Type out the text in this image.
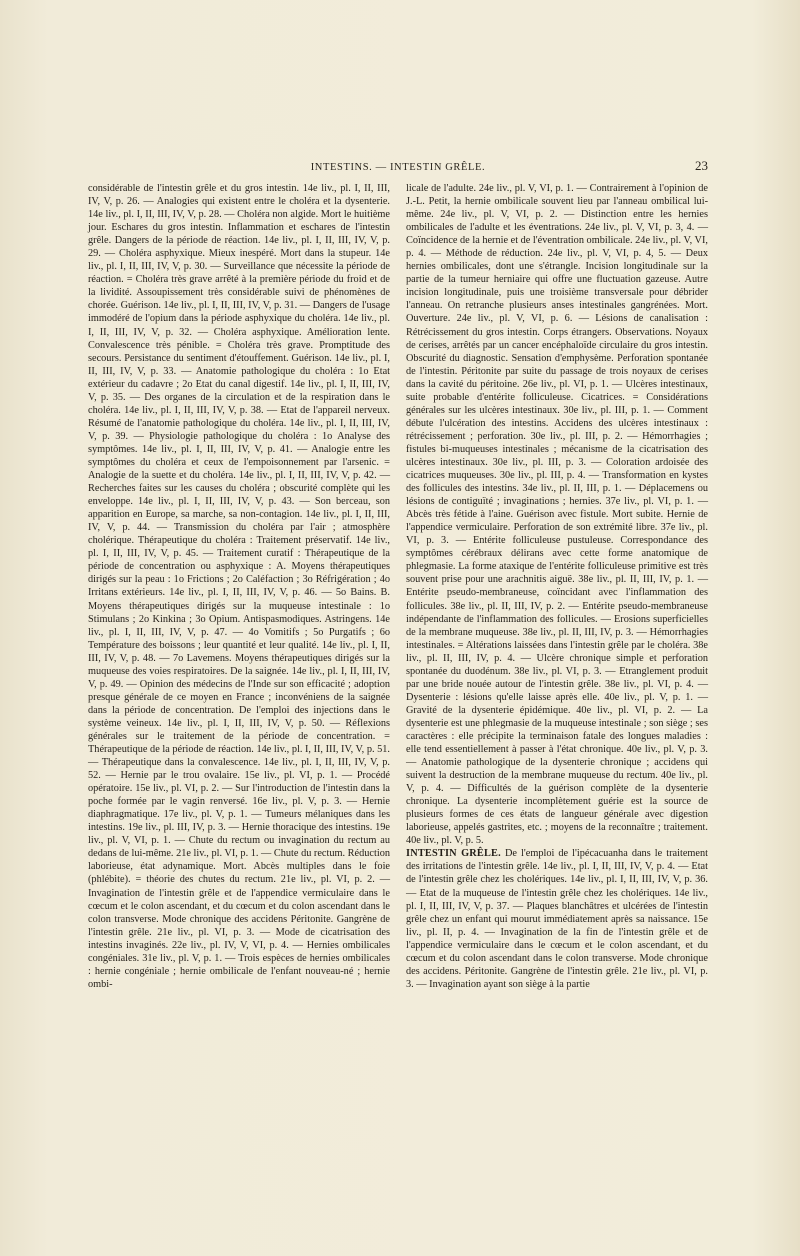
INTESTINS. — INTESTIN GRÊLE.	23

considérable de l'intestin grêle et du gros intestin. 14e liv., pl. I, II, III, IV, V, p. 26. — Analogies qui existent entre le choléra et la dysenterie. 14e liv., pl. I, II, III, IV, V, p. 28. — Choléra non algide. Mort le huitième jour. Eschares du gros intestin. Inflammation et eschares de l'intestin grêle. Dangers de la période de réaction. 14e liv., pl. I, II, III, IV, V, p. 29. — Choléra asphyxique. Mieux inespéré. Mort dans la stupeur. 14e liv., pl. I, II, III, IV, V, p. 30. — Surveillance que nécessite la période de réaction. = Choléra très grave arrêté à la première période du froid et de la lividité. Assoupissement très considérable suivi de phénomènes de chorée. Guérison. 14e liv., pl. I, II, III, IV, V, p. 31. — Dangers de l'usage immodéré de l'opium dans la période asphyxique du choléra. 14e liv., pl. I, II, III, IV, V, p. 32. — Choléra asphyxique. Amélioration lente. Convalescence très pénible. = Choléra très grave. Promptitude des secours. Persistance du sentiment d'étouffement. Guérison. 14e liv., pl. I, II, III, IV, V, p. 33. — Anatomie pathologique du choléra : 1o Etat extérieur du cadavre ; 2o Etat du canal digestif. 14e liv., pl. I, II, III, IV, V, p. 35. — Des organes de la circulation et de la respiration dans le choléra. 14e liv., pl. I, II, III, IV, V, p. 38. — Etat de l'appareil nerveux. Résumé de l'anatomie pathologique du choléra. 14e liv., pl. I, II, III, IV, V, p. 39. — Physiologie pathologique du choléra : 1o Analyse des symptômes. 14e liv., pl. I, II, III, IV, V, p. 41. — Analogie entre les symptômes du choléra et ceux de l'empoisonnement par l'arsenic. = Analogie de la suette et du choléra. 14e liv., pl. I, II, III, IV, V, p. 42. — Recherches faites sur les causes du choléra ; obscurité complète qui les enveloppe. 14e liv., pl. I, II, III, IV, V, p. 43. — Son berceau, son apparition en Europe, sa marche, sa non-contagion. 14e liv., pl. I, II, III, IV, V, p. 44. — Transmission du choléra par l'air ; atmosphère cholérique. Thérapeutique du choléra : Traitement préservatif. 14e liv., pl. I, II, III, IV, V, p. 45. — Traitement curatif : Thérapeutique de la période de concentration ou asphyxique : A. Moyens thérapeutiques dirigés sur la peau : 1o Frictions ; 2o Caléfaction ; 3o Réfrigération ; 4o Irritans extérieurs. 14e liv., pl. I, II, III, IV, V, p. 46. — 5o Bains. B. Moyens thérapeutiques dirigés sur la muqueuse intestinale : 1o Stimulans ; 2o Kinkina ; 3o Opium. Antispasmodiques. Astringens. 14e liv., pl. I, II, III, IV, V, p. 47. — 4o Vomitifs ; 5o Purgatifs ; 6o Température des boissons ; leur quantité et leur qualité. 14e liv., pl. I, II, III, IV, V, p. 48. — 7o Lavemens. Moyens thérapeutiques dirigés sur la muqueuse des voies respiratoires. De la saignée. 14e liv., pl. I, II, III, IV, V, p. 49. — Opinion des médecins de l'Inde sur son efficacité ; adoption presque générale de ce moyen en France ; inconvéniens de la saignée dans la période de concentration. De l'emploi des injections dans le système veineux. 14e liv., pl. I, II, III, IV, V, p. 50. — Réflexions générales sur le traitement de la période de concentration. = Thérapeutique de la période de réaction. 14e liv., pl. I, II, III, IV, V, p. 51. — Thérapeutique dans la convalescence. 14e liv., pl. I, II, III, IV, V, p. 52. — Hernie par le trou ovalaire. 15e liv., pl. VI, p. 1. — Procédé opératoire. 15e liv., pl. VI, p. 2. — Sur l'introduction de l'intestin dans la poche formée par le vagin renversé. 16e liv., pl. V, p. 3. — Hernie diaphragmatique. 17e liv., pl. V, p. 1. — Tumeurs mélaniques dans les intestins. 19e liv., pl. III, IV, p. 3. — Hernie thoracique des intestins. 19e liv., pl. V, VI, p. 1. — Chute du rectum ou invagination du rectum au dedans de lui-même. 21e liv., pl. VI, p. 1. — Chute du rectum. Réduction laborieuse, état adynamique. Mort. Abcès multiples dans le foie (phlébite). = théorie des chutes du rectum. 21e liv., pl. VI, p. 2. — Invagination de l'intestin grêle et de l'appendice vermiculaire dans le cœcum et le colon ascendant, et du cœcum et du colon ascendant dans le colon transverse. Mode chronique des accidens Péritonite. Gangrène de l'intestin grêle. 21e liv., pl. VI, p. 3. — Mode de cicatrisation des intestins invaginés. 22e liv., pl. IV, V, VI, p. 4. — Hernies ombilicales congéniales. 31e liv., pl. V, p. 1. — Trois espèces de hernies ombilicales : hernie congéniale ; hernie ombilicale de l'enfant nouveau-né ; hernie ombi-

licale de l'adulte. 24e liv., pl. V, VI, p. 1. — Contrairement à l'opinion de J.-L. Petit, la hernie ombilicale souvent lieu par l'anneau ombilical lui-même. 24e liv., pl. V, VI, p. 2. — Distinction entre les hernies ombilicales de l'adulte et les éventrations. 24e liv., pl. V, VI, p. 3, 4. — Coïncidence de la hernie et de l'éventration ombilicale. 24e liv., pl. V, VI, p. 4. — Méthode de réduction. 24e liv., pl. V, VI, p. 4, 5. — Deux hernies ombilicales, dont une s'étrangle. Incision longitudinale sur la partie de la tumeur herniaire qui offre une fluctuation gazeuse. Autre incision longitudinale, puis une troisième transversale pour débrider l'anneau. On retranche plusieurs anses intestinales gangrénées. Mort. Ouverture. 24e liv., pl. V, VI, p. 6. — Lésions de canalisation : Rétrécissement du gros intestin. Corps étrangers. Observations. Noyaux de cerises, arrêtés par un cancer encéphaloïde circulaire du gros intestin. Obscurité du diagnostic. Sensation d'emphysème. Perforation spontanée de l'intestin. Péritonite par suite du passage de trois noyaux de cerises dans la cavité du péritoine. 26e liv., pl. VI, p. 1. — Ulcères intestinaux, suite probable d'entérite folliculeuse. Cicatrices. = Considérations générales sur les ulcères intestinaux. 30e liv., pl. III, p. 1. — Comment débute l'ulcération des intestins. Accidens des ulcères intestinaux : rétrécissement ; perforation. 30e liv., pl. III, p. 2. — Hémorrhagies ; fistules bi-muqueuses intestinales ; mécanisme de la cicatrisation des ulcères intestinaux. 30e liv., pl. III, p. 3. — Coloration ardoisée des cicatrices muqueuses. 30e liv., pl. III, p. 4. — Transformation en kystes des follicules des intestins. 34e liv., pl. II, III, p. 1. — Déplacemens ou lésions de contiguïté ; invaginations ; hernies. 37e liv., pl. VI, p. 1. — Abcès très fétide à l'aine. Guérison avec fistule. Mort subite. Hernie de l'appendice vermiculaire. Perforation de son extrémité libre. 37e liv., pl. VI, p. 3. — Entérite folliculeuse pustuleuse. Correspondance des symptômes cérébraux délirans avec cette forme anatomique de phlegmasie. La forme ataxique de l'entérite folliculeuse primitive est très souvent prise pour une arachnitis aiguë. 38e liv., pl. II, III, IV, p. 1. — Entérite pseudo-membraneuse, coïncidant avec l'inflammation des follicules. 38e liv., pl. II, III, IV, p. 2. — Entérite pseudo-membraneuse indépendante de l'inflammation des follicules. — Erosions superficielles de la membrane muqueuse. 38e liv., pl. II, III, IV, p. 3. — Hémorrhagies intestinales. = Altérations laissées dans l'intestin grêle par le choléra. 38e liv., pl. II, III, IV, p. 4. — Ulcère chronique simple et perforation spontanée du duodénum. 38e liv., pl. VI, p. 3. — Etranglement produit par une bride nouée autour de l'intestin grêle. 38e liv., pl. VI, p. 4. — Dysenterie : lésions qu'elle laisse après elle. 40e liv., pl. V, p. 1. — Gravité de la dysenterie épidémique. 40e liv., pl. VI, p. 2. — La dysenterie est une phlegmasie de la muqueuse intestinale ; son siège ; ses caractères : elle précipite la terminaison fatale des longues maladies : elle tend essentiellement à passer à l'état chronique. 40e liv., pl. V, p. 3. — Anatomie pathologique de la dysenterie chronique ; accidens qui suivent la destruction de la membrane muqueuse du rectum. 40e liv., pl. V, p. 4. — Difficultés de la guérison complète de la dysenterie chronique. La dysenterie incomplètement guérie est la source de plusieurs formes de ces états de langueur générale avec digestion laborieuse, appelés gastrites, etc. ; moyens de la reconnaître ; traitement. 40e liv., pl. V, p. 5.

INTESTIN GRÊLE. De l'emploi de l'ipécacuanha dans le traitement des irritations de l'intestin grêle. 14e liv., pl. I, II, III, IV, V, p. 4. — Etat de l'intestin grêle chez les cholériques. 14e liv., pl. I, II, III, IV, V, p. 36. — Etat de la muqueuse de l'intestin grêle chez les cholériques. 14e liv., pl. I, II, III, IV, V, p. 37. — Plaques blanchâtres et ulcérées de l'intestin grêle chez un enfant qui mourut immédiatement après sa naissance. 15e liv., pl. II, p. 4. — Invagination de la fin de l'intestin grêle et de l'appendice vermiculaire dans le cœcum et le colon ascendant, et du cœcum et du colon ascendant dans le colon transverse. Mode chronique des accidens. Péritonite. Gangrène de l'intestin grêle. 21e liv., pl. VI, p. 3. — Invagination ayant son siège à la partie
